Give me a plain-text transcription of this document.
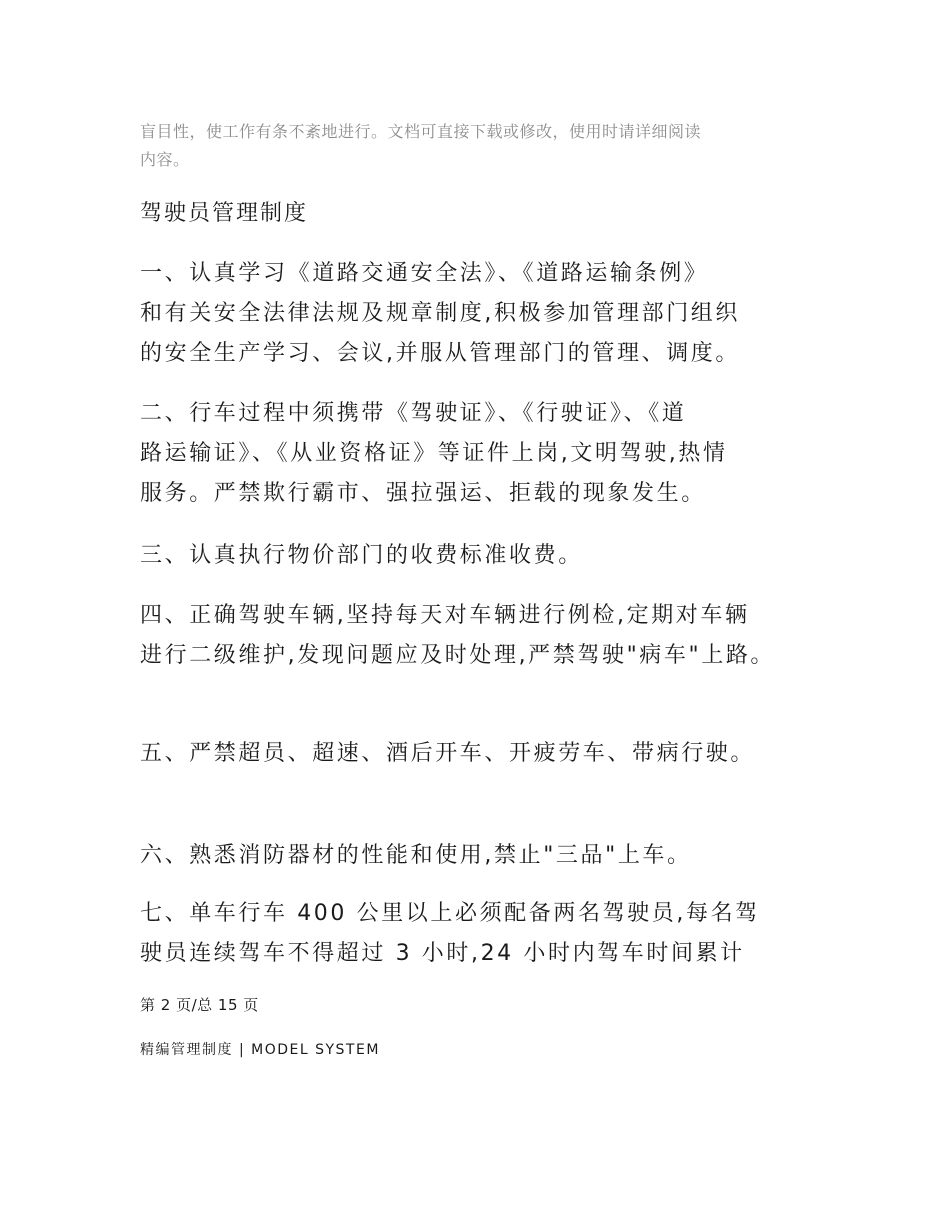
盲目性，使工作有条不紊地进行。文档可直接下载或修改，使用时请详细阅读
内容。
驾驶员管理制度
一、认真学习《道路交通安全法》、《道路运输条例》
和有关安全法律法规及规章制度,积极参加管理部门组织
的安全生产学习、会议,并服从管理部门的管理、调度。
二、行车过程中须携带《驾驶证》、《行驶证》、《道
路运输证》、《从业资格证》等证件上岗,文明驾驶,热情
服务。严禁欺行霸市、强拉强运、拒载的现象发生。
三、认真执行物价部门的收费标准收费。
四、正确驾驶车辆,坚持每天对车辆进行例检,定期对车辆
进行二级维护,发现问题应及时处理,严禁驾驶"病车"上路。
五、严禁超员、超速、酒后开车、开疲劳车、带病行驶。
六、熟悉消防器材的性能和使用,禁止"三品"上车。
七、单车行车 400 公里以上必须配备两名驾驶员,每名驾
驶员连续驾车不得超过 3 小时,24 小时内驾车时间累计
第 2 页/总 15 页
精编管理制度 | MODEL SYSTEM
